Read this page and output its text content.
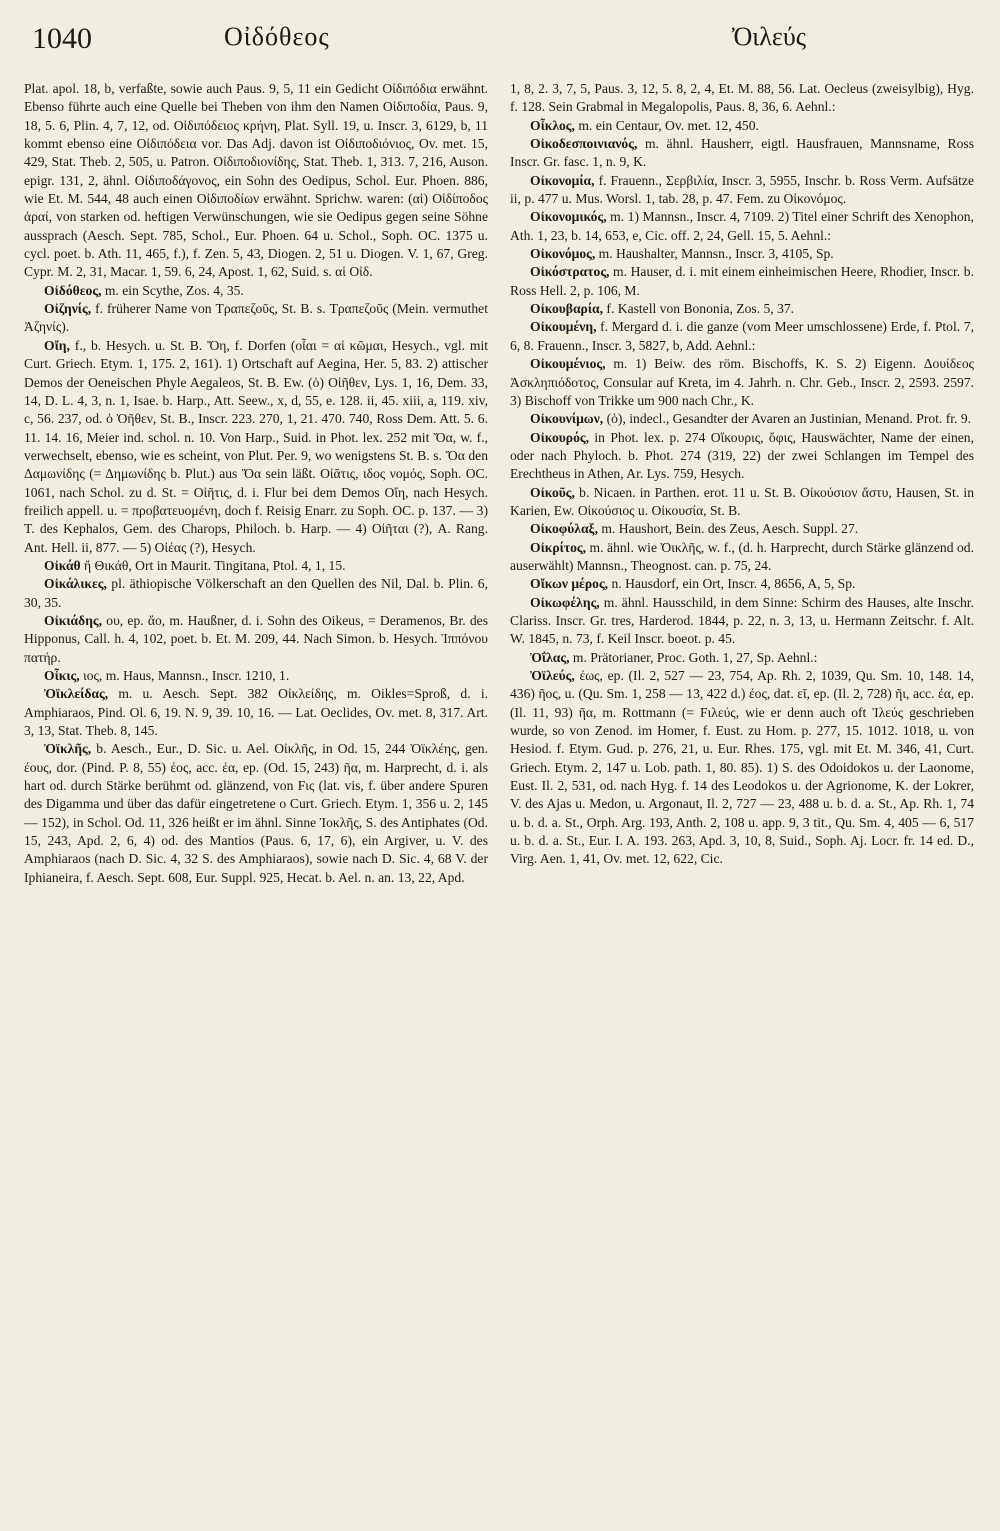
1040	Οἰδόθεος	Ὀιλεύς

Plat. apol. 18, b, verfaßte, sowie auch Paus. 9, 5, 11 ein Gedicht Οἰδιπόδια erwähnt. Ebenso führte auch eine Quelle bei Theben von ihm den Namen Οἰδιποδία, Paus. 9, 18, 5. 6, Plin. 4, 7, 12, od. Οἰδιπόδειος κρήνη, Plat. Syll. 19, u. Inscr. 3, 6129, b, 11 kommt ebenso eine Οἰδιπόδεια vor. Das Adj. davon ist Οἰδιποδιόνιος, Ov. met. 15, 429, Stat. Theb. 2, 505, u. Patron. Οἰδιποδιονίδης, Stat. Theb. 1, 313. 7, 216, Auson. epigr. 131, 2, ähnl. Οἰδιποδάγονος, ein Sohn des Oedipus, Schol. Eur. Phoen. 886, wie Et. M. 544, 48 auch einen Οἰδιποδίων erwähnt. Sprichw. waren: (αἱ) Οἰδίποδος ἀραί, von starken od. heftigen Verwünschungen, wie sie Oedipus gegen seine Söhne aussprach (Aesch. Sept. 785, Schol., Eur. Phoen. 64 u. Schol., Soph. OC. 1375 u. cycl. poet. b. Ath. 11, 465, f.), f. Zen. 5, 43, Diogen. 2, 51 u. Diogen. V. 1, 67, Greg. Cypr. M. 2, 31, Macar. 1, 59. 6, 24, Apost. 1, 62, Suid. s. αἱ Οἰδ.

Οἰδόθεος, m. ein Scythe, Zos. 4, 35.

Οἰζηνίς, f. früherer Name von Τραπεζοῦς, St. B. s. Τραπεζοῦς (Mein. vermuthet Ἀζηνίς).

Οἴη, f., b. Hesych. u. St. B. Ὄη, f. Dorfen (οἶαι = αἱ κῶμαι, Hesych., vgl. mit Curt. Griech. Etym. 1, 175. 2, 161). 1) Ortschaft auf Aegina, Her. 5, 83. 2) attischer Demos der Oeneischen Phyle Aegaleos, St. B. Ew. (ὁ) Οἰῆθεν, Lys. 1, 16, Dem. 33, 14, D. L. 4, 3, n. 1, Isae. b. Harp., Att. Seew., x, d, 55, e. 128. ii, 45. xiii, a, 119. xiv, c, 56. 237, od. ὁ Ὀῆθεν, St. B., Inscr. 223. 270, 1, 21. 470. 740, Ross Dem. Att. 5. 6. 11. 14. 16, Meier ind. schol. n. 10. Von Harp., Suid. in Phot. lex. 252 mit Ὄα, w. f., verwechselt, ebenso, wie es scheint, von Plut. Per. 9, wo wenigstens St. B. s. Ὄα den Δαμωνίδης (= Δημωνίδης b. Plut.) aus Ὄα sein läßt. Οἰᾶτις, ιδος νομός, Soph. OC. 1061, nach Schol. zu d. St. = Οἰῆτις, d. i. Flur bei dem Demos Οἴη, nach Hesych. freilich appell. u. = προβατευομένη, doch f. Reisig Enarr. zu Soph. OC. p. 137. — 3) T. des Kephalos, Gem. des Charops, Philoch. b. Harp. — 4) Οἰῆται (?), A. Rang. Ant. Hell. ii, 877. — 5) Οἰέας (?), Hesych.

Οἰκάθ ἤ Θικάθ, Ort in Maurit. Tingitana, Ptol. 4, 1, 15.

Οἰκάλικες, pl. äthiopische Völkerschaft an den Quellen des Nil, Dal. b. Plin. 6, 30, 35.

Οἰκιάδης, ου, ep. ἄο, m. Haußner, d. i. Sohn des Oikeus, = Deramenos, Br. des Hipponus, Call. h. 4, 102, poet. b. Et. M. 209, 44. Nach Simon. b. Hesych. Ἱππόνου πατήρ.

Οἶκις, ιος, m. Haus, Mannsn., Inscr. 1210, 1.

Ὀϊκλείδας, m. u. Aesch. Sept. 382 Οἰκλείδης, m. Oikles=Sproß, d. i. Amphiaraos, Pind. Ol. 6, 19. N. 9, 39. 10, 16. — Lat. Oeclides, Ov. met. 8, 317. Art. 3, 13, Stat. Theb. 8, 145.

Ὀϊκλῆς, b. Aesch., Eur., D. Sic. u. Ael. Οἰκλῆς, in Od. 15, 244 Ὀϊκλέης, gen. έους, dor. (Pind. P. 8, 55) έος, acc. έα, ep. (Od. 15, 243) ῆα, m. Harprecht, d. i. als hart od. durch Stärke berühmt od. glänzend, von Fις (lat. vis, f. über andere Spuren des Digamma und über das dafür eingetretene ο Curt. Griech. Etym. 1, 356 u. 2, 145 — 152), in Schol. Od. 11, 326 heißt er im ähnl. Sinne Ἰοκλῆς, S. des Antiphates (Od. 15, 243, Apd. 2, 6, 4) od. des Mantios (Paus. 6, 17, 6), ein Argiver, u. V. des Amphiaraos (nach D. Sic. 4, 32 S. des Amphiaraos), sowie nach D. Sic. 4, 68 V. der Iphianeira, f. Aesch. Sept. 608, Eur. Suppl. 925, Hecat. b. Ael. n. an. 13, 22, Apd.

1, 8, 2. 3, 7, 5, Paus. 3, 12, 5. 8, 2, 4, Et. M. 88, 56. Lat. Oecleus (zweisylbig), Hyg. f. 128. Sein Grabmal in Megalopolis, Paus. 8, 36, 6. Aehnl.:

Οἶκλος, m. ein Centaur, Ov. met. 12, 450.

Οἰκοδεσποινιανός, m. ähnl. Hausherr, eigtl. Hausfrauen, Mannsname, Ross Inscr. Gr. fasc. 1, n. 9, K.

Οἰκονομία, f. Frauenn., Σερβιλία, Inscr. 3, 5955, Inschr. b. Ross Verm. Aufsätze ii, p. 477 u. Mus. Worsl. 1, tab. 28, p. 47. Fem. zu Οἰκονόμος.

Οἰκονομικός, m. 1) Mannsn., Inscr. 4, 7109. 2) Titel einer Schrift des Xenophon, Ath. 1, 23, b. 14, 653, e, Cic. off. 2, 24, Gell. 15, 5. Aehnl.:

Οἰκονόμος, m. Haushalter, Mannsn., Inscr. 3, 4105, Sp.

Οἰκόστρατος, m. Hauser, d. i. mit einem einheimischen Heere, Rhodier, Inscr. b. Ross Hell. 2, p. 106, M.

Οἰκουβαρία, f. Kastell von Bononia, Zos. 5, 37.

Οἰκουμένη, f. Mergard d. i. die ganze (vom Meer umschlossene) Erde, f. Ptol. 7, 6, 8. Frauenn., Inscr. 3, 5827, b, Add. Aehnl.:

Οἰκουμένιος, m. 1) Beiw. des röm. Bischoffs, K. S. 2) Eigenn. Δουίδεος Ἀσκληπιόδοτος, Consular auf Kreta, im 4. Jahrh. n. Chr. Geb., Inscr. 2, 2593. 2597. 3) Bischoff von Trikke um 900 nach Chr., K.

Οἰκουνίμων, (ὁ), indecl., Gesandter der Avaren an Justinian, Menand. Prot. fr. 9.

Οἰκουρός, in Phot. lex. p. 274 Οἴκουρις, ὄφις, Hauswächter, Name der einen, oder nach Phyloch. b. Phot. 274 (319, 22) der zwei Schlangen im Tempel des Erechtheus in Athen, Ar. Lys. 759, Hesych.

Οἰκοῦς, b. Nicaen. in Parthen. erot. 11 u. St. B. Οἰκούσιον ἄστυ, Hausen, St. in Karien, Ew. Οἰκούσιος u. Οἰκουσία, St. B.

Οἰκοφύλαξ, m. Haushort, Bein. des Zeus, Aesch. Suppl. 27.

Οἰκρίτος, m. ähnl. wie Ὀικλῆς, w. f., (d. h. Harprecht, durch Stärke glänzend od. auserwählt) Mannsn., Theognost. can. p. 75, 24.

Οἴκων μέρος, n. Hausdorf, ein Ort, Inscr. 4, 8656, A, 5, Sp.

Οἰκωφέλης, m. ähnl. Hausschild, in dem Sinne: Schirm des Hauses, alte Inschr. Clariss. Inscr. Gr. tres, Harderod. 1844, p. 22, n. 3, 13, u. Hermann Zeitschr. f. Alt. W. 1845, n. 73, f. Keil Inscr. boeot. p. 45.

Ὀΐλας, m. Prätorianer, Proc. Goth. 1, 27, Sp. Aehnl.:

Ὀϊλεύς, έως, ep. (Il. 2, 527 — 23, 754, Ap. Rh. 2, 1039, Qu. Sm. 10, 148. 14, 436) ῆος, u. (Qu. Sm. 1, 258 — 13, 422 d.) έος, dat. εῖ, ep. (Il. 2, 728) ῆι, acc. έα, ep. (Il. 11, 93) ῆα, m. Rottmann (= Fιλεύς, wie er denn auch oft Ἰλεύς geschrieben wurde, so von Zenod. im Homer, f. Eust. zu Hom. p. 277, 15. 1012. 1018, u. von Hesiod. f. Etym. Gud. p. 276, 21, u. Eur. Rhes. 175, vgl. mit Et. M. 346, 41, Curt. Griech. Etym. 2, 147 u. Lob. path. 1, 80. 85). 1) S. des Odoidokos u. der Laonome, Eust. Il. 2, 531, od. nach Hyg. f. 14 des Leodokos u. der Agrionome, K. der Lokrer, V. des Ajas u. Medon, u. Argonaut, Il. 2, 727 — 23, 488 u. b. d. a. St., Ap. Rh. 1, 74 u. b. d. a. St., Orph. Arg. 193, Anth. 2, 108 u. app. 9, 3 tit., Qu. Sm. 4, 405 — 6, 517 u. b. d. a. St., Eur. I. A. 193. 263, Apd. 3, 10, 8, Suid., Soph. Aj. Locr. fr. 14 ed. D., Virg. Aen. 1, 41, Ov. met. 12, 622, Cic.
